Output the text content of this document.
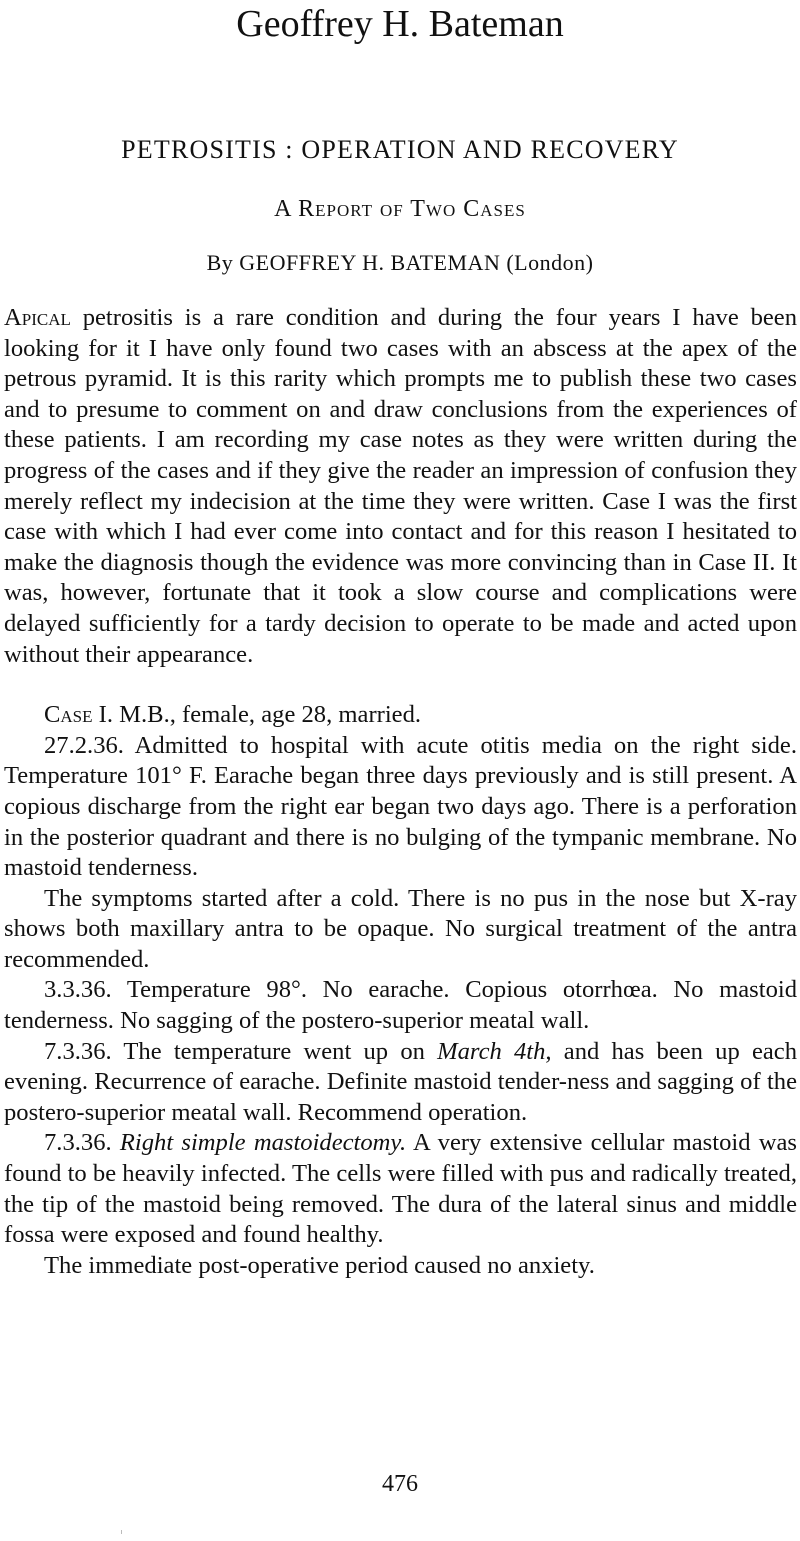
Geoffrey H. Bateman
PETROSITIS : OPERATION AND RECOVERY
A Report of Two Cases
By GEOFFREY H. BATEMAN (London)

Apical petrositis is a rare condition and during the four years I have been looking for it I have only found two cases with an abscess at the apex of the petrous pyramid. It is this rarity which prompts me to publish these two cases and to presume to comment on and draw conclusions from the experiences of these patients. I am recording my case notes as they were written during the progress of the cases and if they give the reader an impression of confusion they merely reflect my indecision at the time they were written. Case I was the first case with which I had ever come into contact and for this reason I hesitated to make the diagnosis though the evidence was more convincing than in Case II. It was, however, fortunate that it took a slow course and complications were delayed sufficiently for a tardy decision to operate to be made and acted upon without their appearance.

Case I. M.B., female, age 28, married.

27.2.36. Admitted to hospital with acute otitis media on the right side. Temperature 101° F. Earache began three days previously and is still present. A copious discharge from the right ear began two days ago. There is a perforation in the posterior quadrant and there is no bulging of the tympanic membrane. No mastoid tenderness.

The symptoms started after a cold. There is no pus in the nose but X-ray shows both maxillary antra to be opaque. No surgical treatment of the antra recommended.

3.3.36. Temperature 98°. No earache. Copious otorrhœa. No mastoid tenderness. No sagging of the postero-superior meatal wall.

7.3.36. The temperature went up on March 4th, and has been up each evening. Recurrence of earache. Definite mastoid tender-ness and sagging of the postero-superior meatal wall. Recommend operation.

7.3.36. Right simple mastoidectomy. A very extensive cellular mastoid was found to be heavily infected. The cells were filled with pus and radically treated, the tip of the mastoid being removed. The dura of the lateral sinus and middle fossa were exposed and found healthy.

The immediate post-operative period caused no anxiety.

476
